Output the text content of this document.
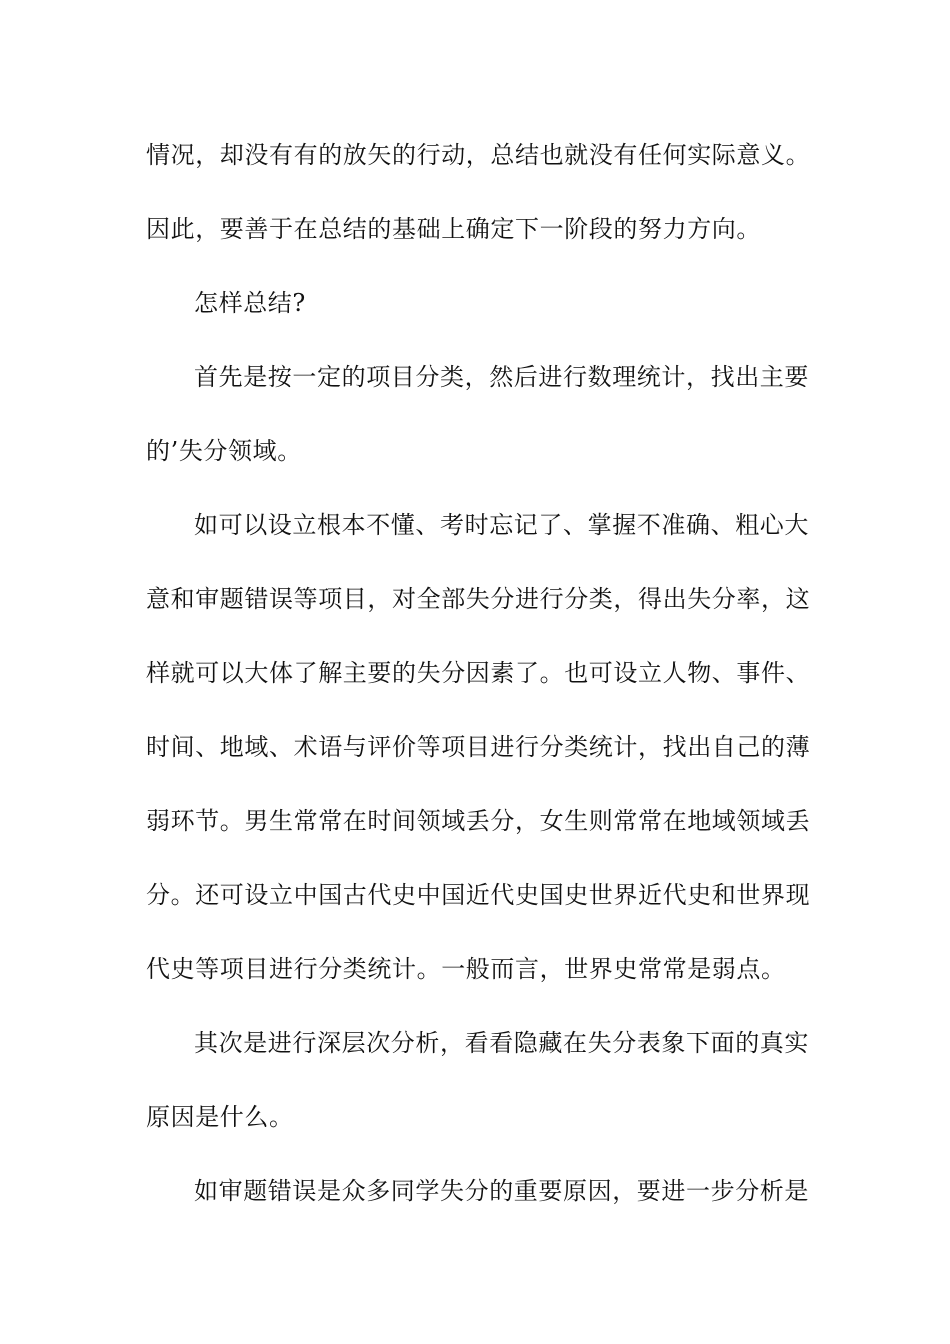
情况，却没有有的放矢的行动，总结也就没有任何实际意义。
因此，要善于在总结的基础上确定下一阶段的努力方向。
怎样总结?
首先是按一定的项目分类，然后进行数理统计，找出主要
的’失分领域。
如可以设立根本不懂、考时忘记了、掌握不准确、粗心大
意和审题错误等项目，对全部失分进行分类，得出失分率，这
样就可以大体了解主要的失分因素了。也可设立人物、事件、
时间、地域、术语与评价等项目进行分类统计，找出自己的薄
弱环节。男生常常在时间领域丢分，女生则常常在地域领域丢
分。还可设立中国古代史中国近代史国史世界近代史和世界现
代史等项目进行分类统计。一般而言，世界史常常是弱点。
其次是进行深层次分析，看看隐藏在失分表象下面的真实
原因是什么。
如审题错误是众多同学失分的重要原因，要进一步分析是
